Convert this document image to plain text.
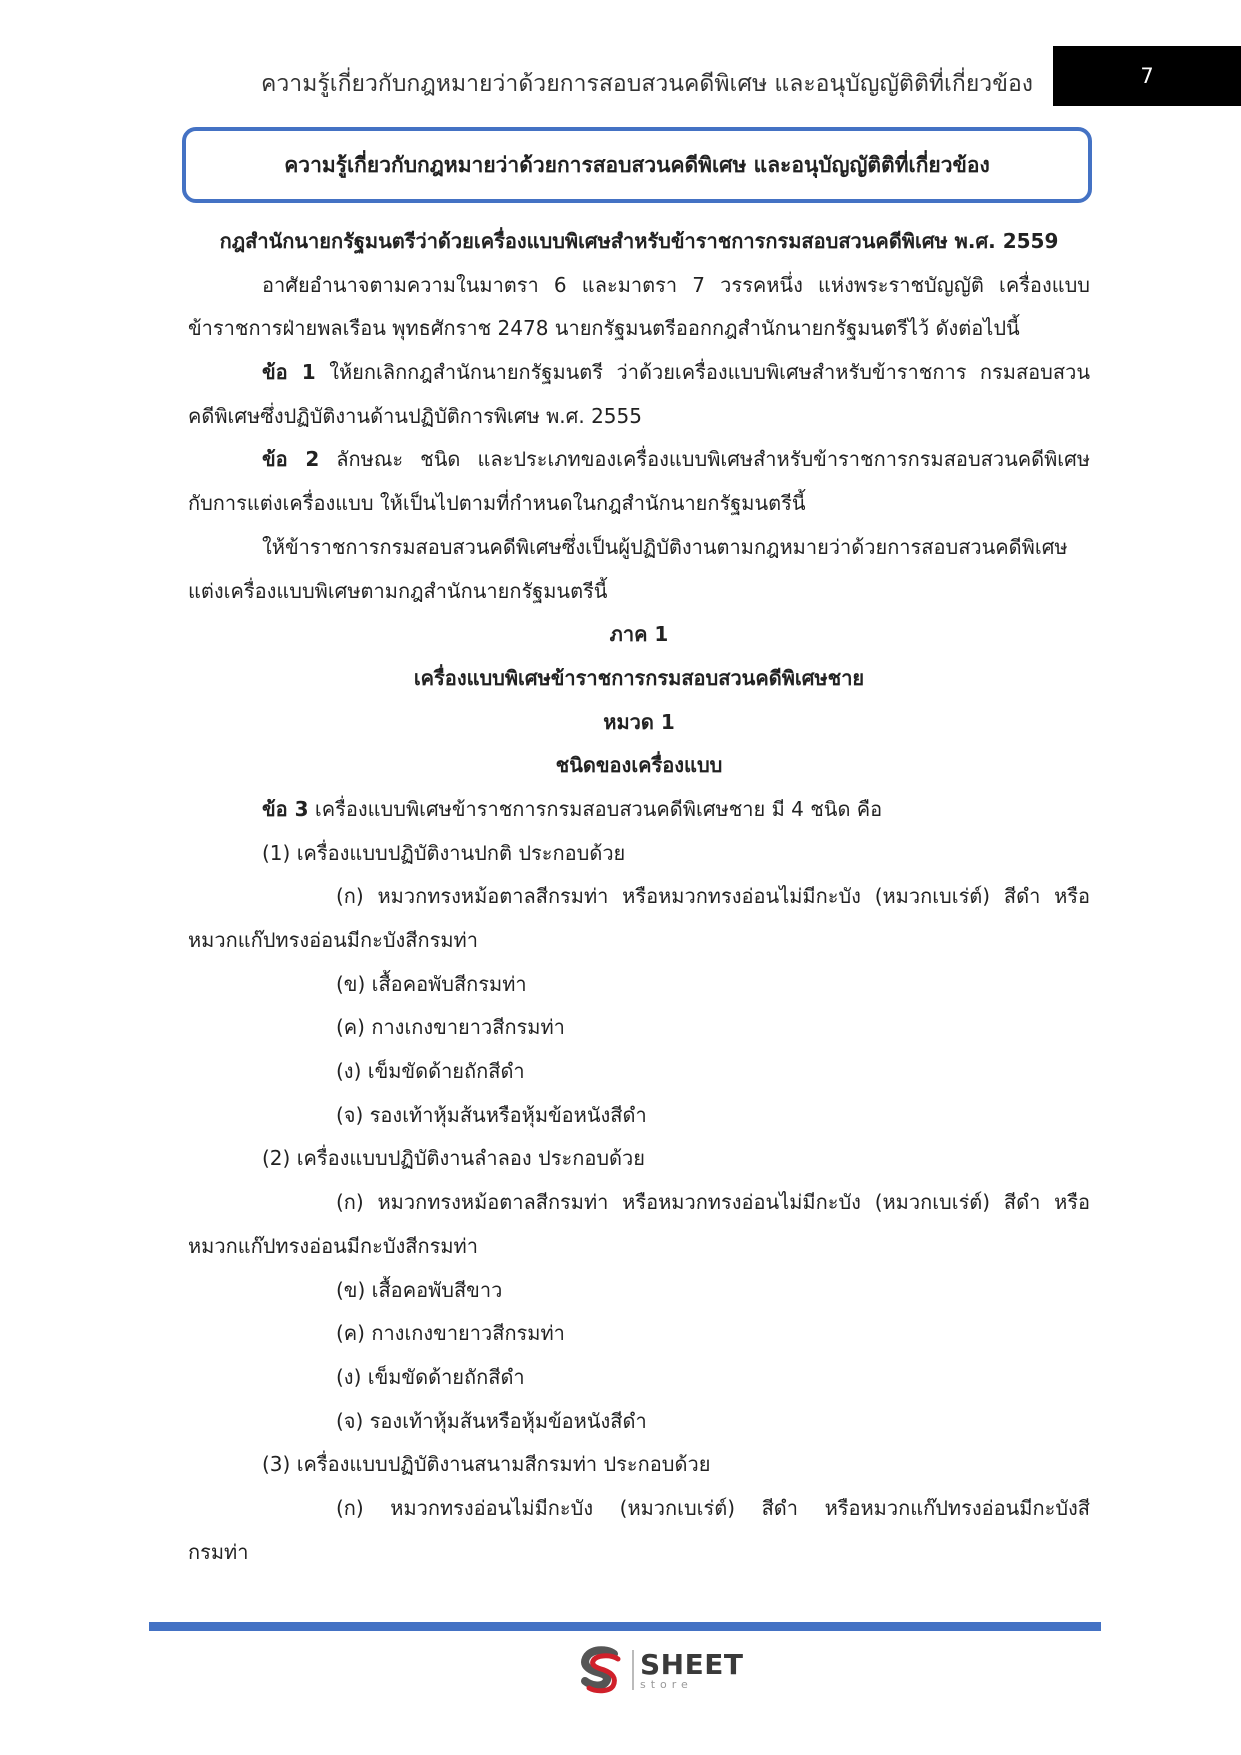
ความรู้เกี่ยวกับกฎหมายว่าด้วยการสอบสวนคดีพิเศษ และอนุบัญญัติติที่เกี่ยวข้อง	7
ความรู้เกี่ยวกับกฎหมายว่าด้วยการสอบสวนคดีพิเศษ และอนุบัญญัติติที่เกี่ยวข้อง
กฎสำนักนายกรัฐมนตรีว่าด้วยเครื่องแบบพิเศษสำหรับข้าราชการกรมสอบสวนคดีพิเศษ พ.ศ. 2559
อาศัยอำนาจตามความในมาตรา 6 และมาตรา 7 วรรคหนึ่ง แห่งพระราชบัญญัติ เครื่องแบบ
ข้าราชการฝ่ายพลเรือน พุทธศักราช 2478 นายกรัฐมนตรีออกกฎสำนักนายกรัฐมนตรีไว้ ดังต่อไปนี้
ข้อ 1 ให้ยกเลิกกฎสำนักนายกรัฐมนตรี ว่าด้วยเครื่องแบบพิเศษสำหรับข้าราชการ กรมสอบสวน
คดีพิเศษซึ่งปฏิบัติงานด้านปฏิบัติการพิเศษ พ.ศ. 2555
ข้อ 2 ลักษณะ ชนิด และประเภทของเครื่องแบบพิเศษสำหรับข้าราชการกรมสอบสวนคดีพิเศษ
กับการแต่งเครื่องแบบ ให้เป็นไปตามที่กำหนดในกฎสำนักนายกรัฐมนตรีนี้
ให้ข้าราชการกรมสอบสวนคดีพิเศษซึ่งเป็นผู้ปฏิบัติงานตามกฎหมายว่าด้วยการสอบสวนคดีพิเศษ
แต่งเครื่องแบบพิเศษตามกฎสำนักนายกรัฐมนตรีนี้
ภาค 1
เครื่องแบบพิเศษข้าราชการกรมสอบสวนคดีพิเศษชาย
หมวด 1
ชนิดของเครื่องแบบ
ข้อ 3 เครื่องแบบพิเศษข้าราชการกรมสอบสวนคดีพิเศษชาย มี 4 ชนิด คือ
(1) เครื่องแบบปฏิบัติงานปกติ ประกอบด้วย
(ก) หมวกทรงหม้อตาลสีกรมท่า หรือหมวกทรงอ่อนไม่มีกะบัง (หมวกเบเร่ต์) สีดำ หรือ
หมวกแก๊ปทรงอ่อนมีกะบังสีกรมท่า
(ข) เสื้อคอพับสีกรมท่า
(ค) กางเกงขายาวสีกรมท่า
(ง) เข็มขัดด้ายถักสีดำ
(จ) รองเท้าหุ้มส้นหรือหุ้มข้อหนังสีดำ
(2) เครื่องแบบปฏิบัติงานลำลอง ประกอบด้วย
(ก) หมวกทรงหม้อตาลสีกรมท่า หรือหมวกทรงอ่อนไม่มีกะบัง (หมวกเบเร่ต์) สีดำ หรือ
หมวกแก๊ปทรงอ่อนมีกะบังสีกรมท่า
(ข) เสื้อคอพับสีขาว
(ค) กางเกงขายาวสีกรมท่า
(ง) เข็มขัดด้ายถักสีดำ
(จ) รองเท้าหุ้มส้นหรือหุ้มข้อหนังสีดำ
(3) เครื่องแบบปฏิบัติงานสนามสีกรมท่า ประกอบด้วย
(ก) หมวกทรงอ่อนไม่มีกะบัง (หมวกเบเร่ต์) สีดำ หรือหมวกแก๊ปทรงอ่อนมีกะบังสี
กรมท่า
SHEET
store
